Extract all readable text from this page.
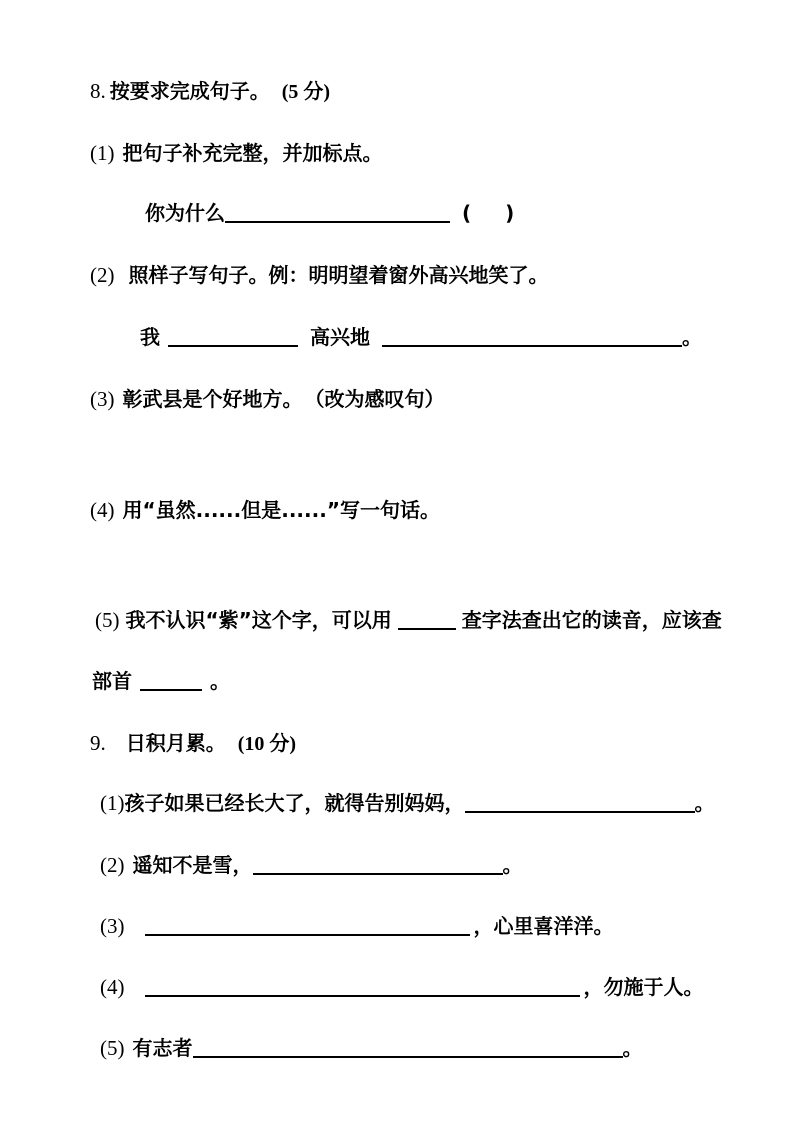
8. 按要求完成句子。 (5 分)
(1) 把句子补充完整，并加标点。
你为什么	( )
(2) 照样子写句子。例：明明望着窗外高兴地笑了。
我	高兴地	。
(3) 彰武县是个好地方。 （改为感叹句）
(4) 用“虽然......但是......”写一句话。
(5) 我不认识“紫”这个字，可以用	查字法查出它的读音，应该查
部首	。
9. 日积月累。 (10 分)
(1)孩子如果已经长大了，就得告别妈妈，	。
(2) 遥知不是雪，	。
(3)	，心里喜洋洋。
(4)	，勿施于人。
(5) 有志者	。
